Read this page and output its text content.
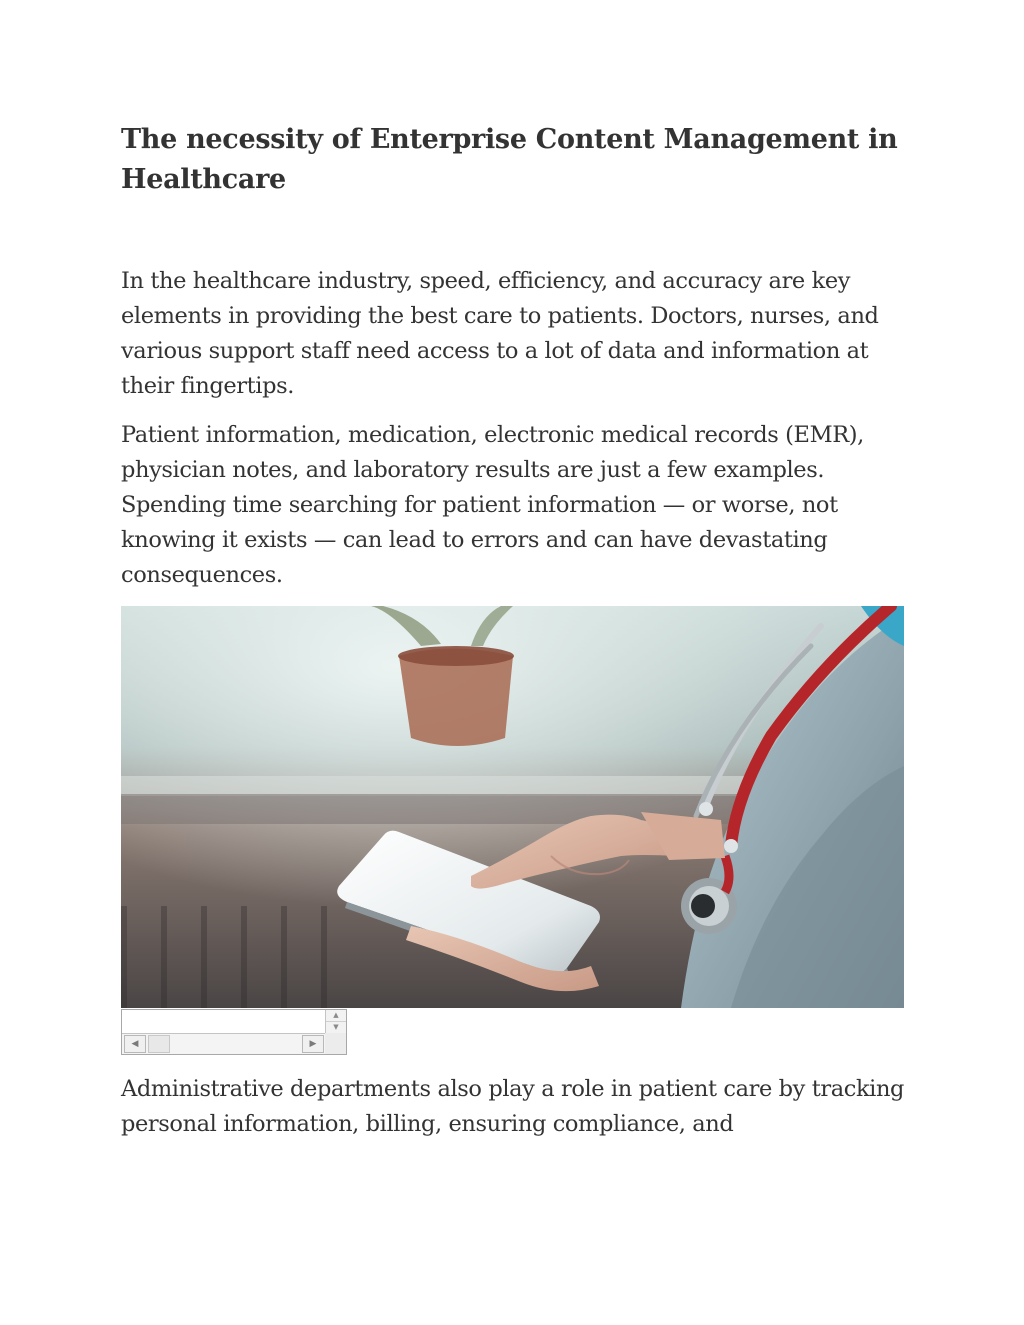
The necessity of Enterprise Content Management in Healthcare

In the healthcare industry, speed, efficiency, and accuracy are key elements in providing the best care to patients. Doctors, nurses, and various support staff need access to a lot of data and information at their fingertips.

Patient information, medication, electronic medical records (EMR), physician notes, and laboratory results are just a few examples. Spending time searching for patient information — or worse, not knowing it exists — can lead to errors and can have devastating consequences.

▲
▼
◀	▶

Administrative departments also play a role in patient care by tracking personal information, billing, ensuring compliance, and
